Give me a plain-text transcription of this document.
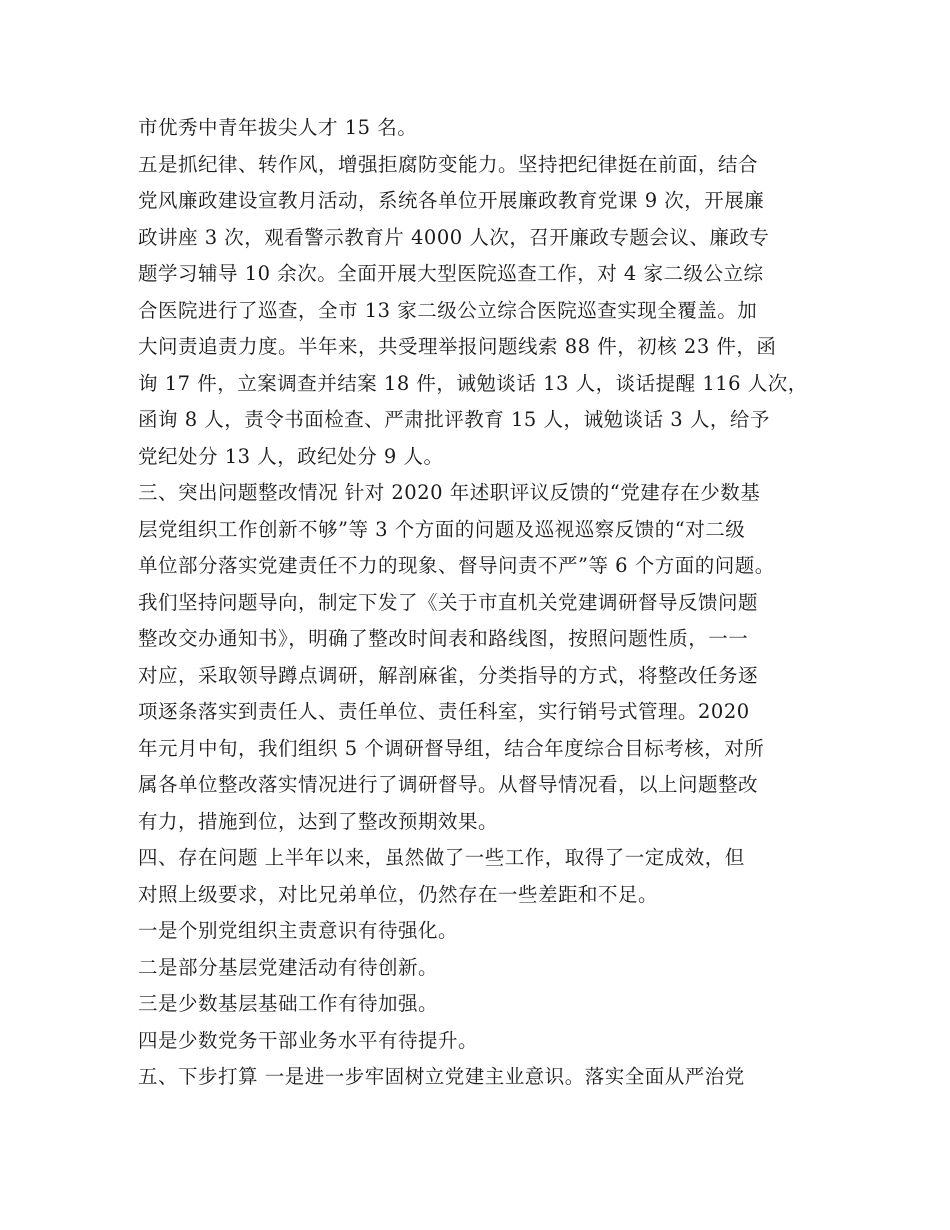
市优秀中青年拔尖人才 15 名。
五是抓纪律、转作风，增强拒腐防变能力。坚持把纪律挺在前面，结合
党风廉政建设宣教月活动，系统各单位开展廉政教育党课 9 次，开展廉
政讲座 3 次，观看警示教育片 4000 人次，召开廉政专题会议、廉政专
题学习辅导 10 余次。全面开展大型医院巡查工作，对 4 家二级公立综
合医院进行了巡查，全市 13 家二级公立综合医院巡查实现全覆盖。加
大问责追责力度。半年来，共受理举报问题线索 88 件，初核 23 件，函
询 17 件，立案调查并结案 18 件，诫勉谈话 13 人，谈话提醒 116 人次，
函询 8 人，责令书面检查、严肃批评教育 15 人，诫勉谈话 3 人，给予
党纪处分 13 人，政纪处分 9 人。
三、突出问题整改情况 针对 2020 年述职评议反馈的“党建存在少数基
层党组织工作创新不够”等 3 个方面的问题及巡视巡察反馈的“对二级
单位部分落实党建责任不力的现象、督导问责不严”等 6 个方面的问题。
我们坚持问题导向，制定下发了《关于市直机关党建调研督导反馈问题
整改交办通知书》，明确了整改时间表和路线图，按照问题性质，一一
对应，采取领导蹲点调研，解剖麻雀，分类指导的方式，将整改任务逐
项逐条落实到责任人、责任单位、责任科室，实行销号式管理。2020
年元月中旬，我们组织 5 个调研督导组，结合年度综合目标考核，对所
属各单位整改落实情况进行了调研督导。从督导情况看，以上问题整改
有力，措施到位，达到了整改预期效果。
四、存在问题 上半年以来，虽然做了一些工作，取得了一定成效，但
对照上级要求，对比兄弟单位，仍然存在一些差距和不足。
一是个别党组织主责意识有待强化。
二是部分基层党建活动有待创新。
三是少数基层基础工作有待加强。
四是少数党务干部业务水平有待提升。
五、下步打算 一是进一步牢固树立党建主业意识。落实全面从严治党
